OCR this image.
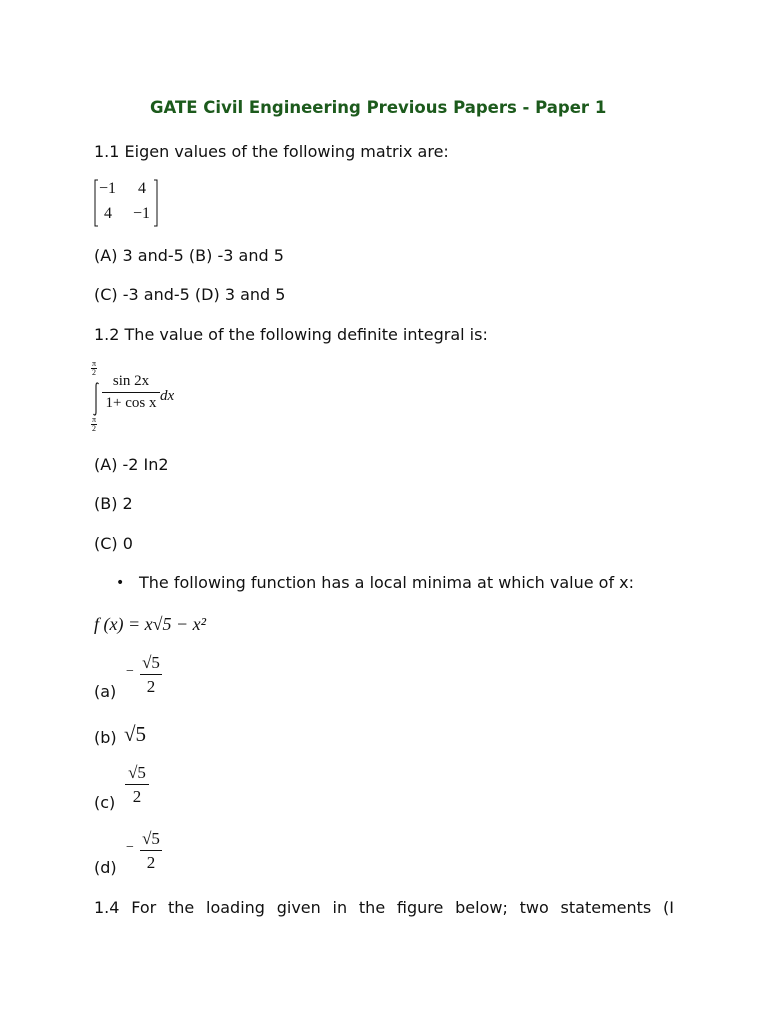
GATE Civil Engineering Previous Papers - Paper 1
1.1 Eigen values of the following matrix are:
−1 4
4 −1
(A) 3 and-5 (B) -3 and 5
(C) -3 and-5 (D) 3 and 5
1.2 The value of the following definite integral is:
π
2
π
2
sin 2x
1+ cos x dx
(A) -2 In2
(B) 2
(C) 0
• The following function has a local minima at which value of x:
f (x) = x√5 − x²
(a)
− √5
2
(b) √5
(c)
√5
2
(d)
− √5
2
1.4 For the loading given in the figure below; two statements (I
